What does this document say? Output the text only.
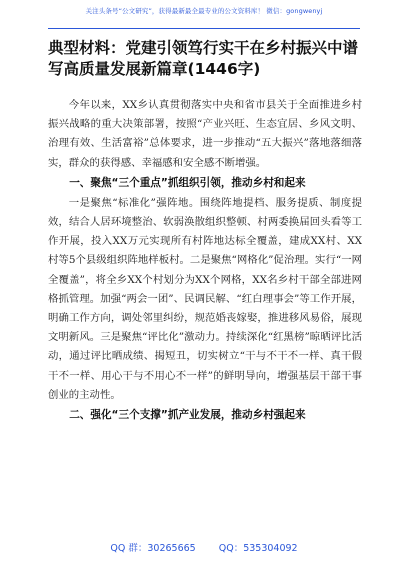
关注头条号“公文研究”，获得最新最全最专业的公文资料库！ 微信：gongwenyj
典型材料：党建引领笃行实干在乡村振兴中谱写高质量发展新篇章(1446字)

今年以来，XX乡认真贯彻落实中央和省市县关于全面推进乡村振兴战略的重大决策部署，按照“产业兴旺、生态宜居、乡风文明、治理有效、生活富裕”总体要求，进一步推动“五大振兴”落地落细落实，群众的获得感、幸福感和安全感不断增强。

一、聚焦“三个重点”抓组织引领，推动乡村和起来

一是聚焦“标准化”强阵地。围绕阵地提档、服务提质、制度提效，结合人居环境整治、软弱涣散组织整顿、村两委换届回头看等工作开展，投入XX万元实现所有村阵地达标全覆盖，建成XX村、XX村等5个县级组织阵地样板村。二是聚焦“网格化”促治理。实行“一网全覆盖”，将全乡XX个村划分为XX个网格，XX名乡村干部全部进网格抓管理。加强“两会一团”、民调民解、“红白理事会”等工作开展，明确工作方向，调处邻里纠纷，规范婚丧嫁娶，推进移风易俗，展现文明新风。三是聚焦“评比化”激动力。持续深化“红黑榜”晾晒评比活动，通过评比晒成绩、揭短丑，切实树立“干与不干不一样、真干假干不一样、用心干与不用心不一样”的鲜明导向，增强基层干部干事创业的主动性。

二、强化“三个支撑”抓产业发展，推动乡村强起来

QQ 群：30265665 QQ：535304092
